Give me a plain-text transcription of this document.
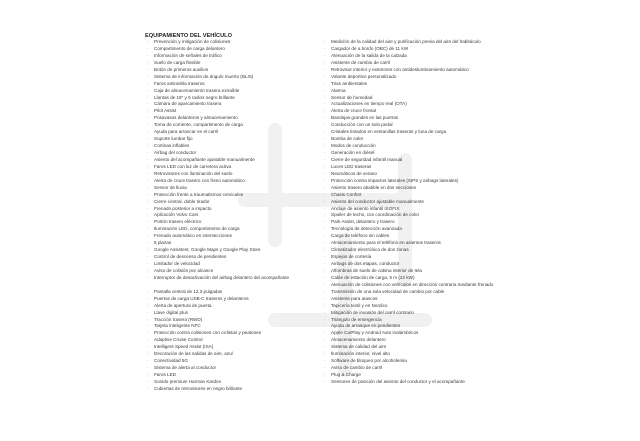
EQUIPAMIENTO DEL VEHÍCULO
· Prevención y mitigación de colisiones
· Compartimento de carga delantero
· Información de señales de tráfico
· Suelo de carga flexible
· Botón de primeros auxilios
· Sistema de información de ángulo muerto (BLIS)
· Faros antiniebla traseros
· Caja de almacenamiento trasera extraíble
· Llantas de 19" y 5 radios negro brillante
· Cámara de aparcamiento trasera
· Pilot Assist
· Posavasos delanteros y almacenamiento
· Toma de corriente, compartimento de carga
· Ayuda para arrancar en el carril
· Soporte lumbar fijo
· Cortinas inflables
· Airbag del conductor
· Asiento del acompañante ajustable manualmente
· Faros LED con luz de carretera activa
· Retrovisores con iluminación del suelo
· Alerta de cruce trasero con freno automático
· Sensor de lluvia
· Protección frente a traumatismos cervicales
· Cierre central, doble tirador
· Frenado posterior a impacto
· Aplicación Volvo Cars
· Portón trasero eléctrico
· Iluminación LED, compartimento de carga
· Frenado automático en intersecciones
· 5 plazas
· Google Assistent, Google Maps y Google Play Store
· Control de descenso de pendientes
· Limitador de velocidad
· Aviso de colisión por alcance
· Interruptor de desactivación del airbag delantero del acompañante
· Pantalla central de 12,3 pulgadas
· Puertos de carga USB-C traseros y delanteros
· Alerta de apertura de puerta
· Llave digital plus
· Tracción trasera (RWD)
· Tarjeta inteligente NFC
· Protección contra colisiones con ciclistas y peatones
· Adaptive Cruise Control
· Intelligent Speed Assist (ISA)
· Decoración de las salidas de aire, azul
· Conectividad 5G
· Sistema de alerta al conductor
· Faros LED
· Sonido premium Harman Kardon
· Cubiertas de retrovisores en negro brillante
· Medición de la calidad del aire y purificación previa del aire del habitáculo
· Cargador de a bordo (OBC) de 11 kW
· Atenuación de la salida de la calzada
· Asistente de cambio de carril
· Retrovisor interior y exteriores con antideslumbramiento automático
· Volante deportivo personalizado
· Tiras ambientales
· Alarma
· Sensor de humedad
· Actualizaciones en tiempo real (OTA)
· Alerta de cruce frontal
· Bandejas grandes en las puertas
· Conducción con un solo pedal
· Cristales tintados en ventanillas traseras y luna de carga
· Bomba de calor
· Modos de conducción
· Generación en diésel
· Cierre de seguridad infantil manual
· Luces LED traseras
· Neumáticos de verano
· Protección contra impactos laterales (SIPS y airbags laterales)
· Asiento trasero abatible en dos secciones
· Chasis Confort
· Asiento del conductor ajustable manualmente
· Anclaje de asiento infantil ISOFIX
· Spoiler de techo, con coordinación de color
· Park Assist, delantero y trasero
· Tecnología de detección avanzada
· Carga de teléfono sin cables
· Almacenamiento para el teléfono en asientos traseros
· Climatizador electrónico de dos zonas
· Espejos de cortesía
· Airbags de dos etapas, conductor
· Alfombras de suelo de cabina interior de tela
· Cable de estación de carga, 5 m (22 kW)
· Atenuación de colisiones con vehículos en dirección contraria mediante frenado
· Transmisión de una sola velocidad de cambio por cable
· Asistente para atascos
· Tapicería textil y en Nordico
· Mitigación de invasión del carril contrario
· Triángulo de emergencia
· Ayuda de arranque en pendientes
· Apple CarPlay y Android Auto inalámbricos
· Almacenamiento delantero
· Sistema de calidad del aire
· Iluminación interior, nivel alto
· Software de bloqueo por alcoholemia
· Aviso de cambio de carril
· Plug & Charge
· Sensores de posición del asiento del conductor y el acompañante
